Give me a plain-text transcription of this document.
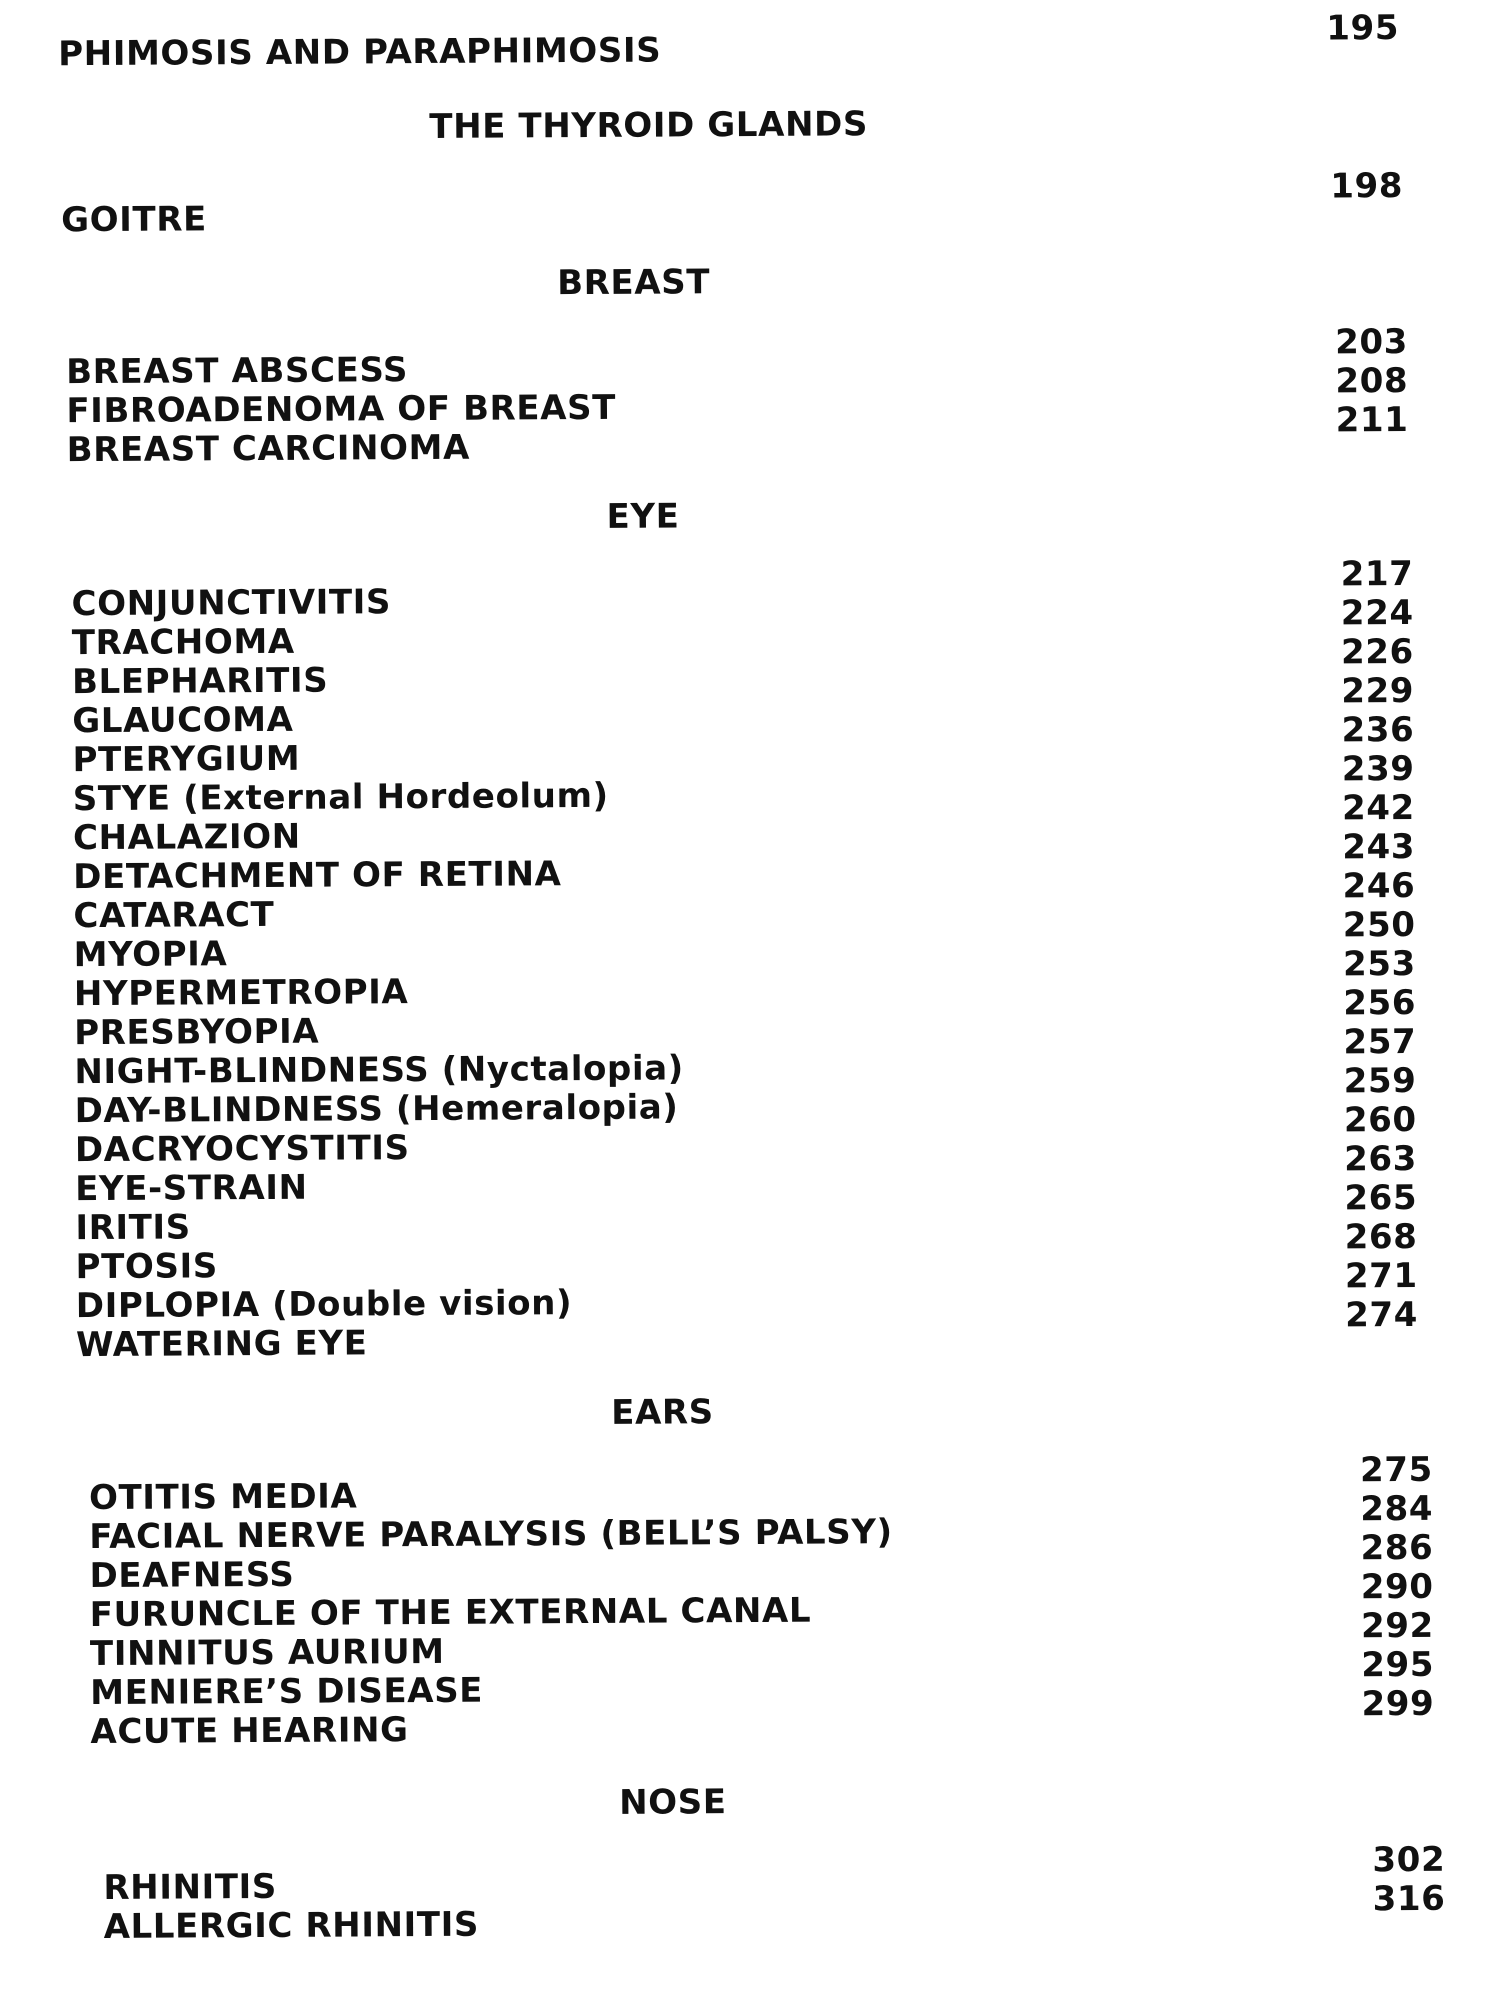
PHIMOSIS AND PARAPHIMOSIS
195
THE THYROID GLANDS
GOITRE
198
BREAST
BREAST ABSCESS
FIBROADENOMA OF BREAST
BREAST CARCINOMA
203
208
211
EYE
CONJUNCTIVITIS
TRACHOMA
BLEPHARITIS
GLAUCOMA
PTERYGIUM
STYE (External Hordeolum)
CHALAZION
DETACHMENT OF RETINA
CATARACT
MYOPIA
HYPERMETROPIA
PRESBYOPIA
NIGHT-BLINDNESS (Nyctalopia)
DAY-BLINDNESS (Hemeralopia)
DACRYOCYSTITIS
EYE-STRAIN
IRITIS
PTOSIS
DIPLOPIA (Double vision)
WATERING EYE
217
224
226
229
236
239
242
243
246
250
253
256
257
259
260
263
265
268
271
274
EARS
OTITIS MEDIA
FACIAL NERVE PARALYSIS (BELL’S PALSY)
DEAFNESS
FURUNCLE OF THE EXTERNAL CANAL
TINNITUS AURIUM
MENIERE’S DISEASE
ACUTE HEARING
275
284
286
290
292
295
299
NOSE
RHINITIS
ALLERGIC RHINITIS
302
316
